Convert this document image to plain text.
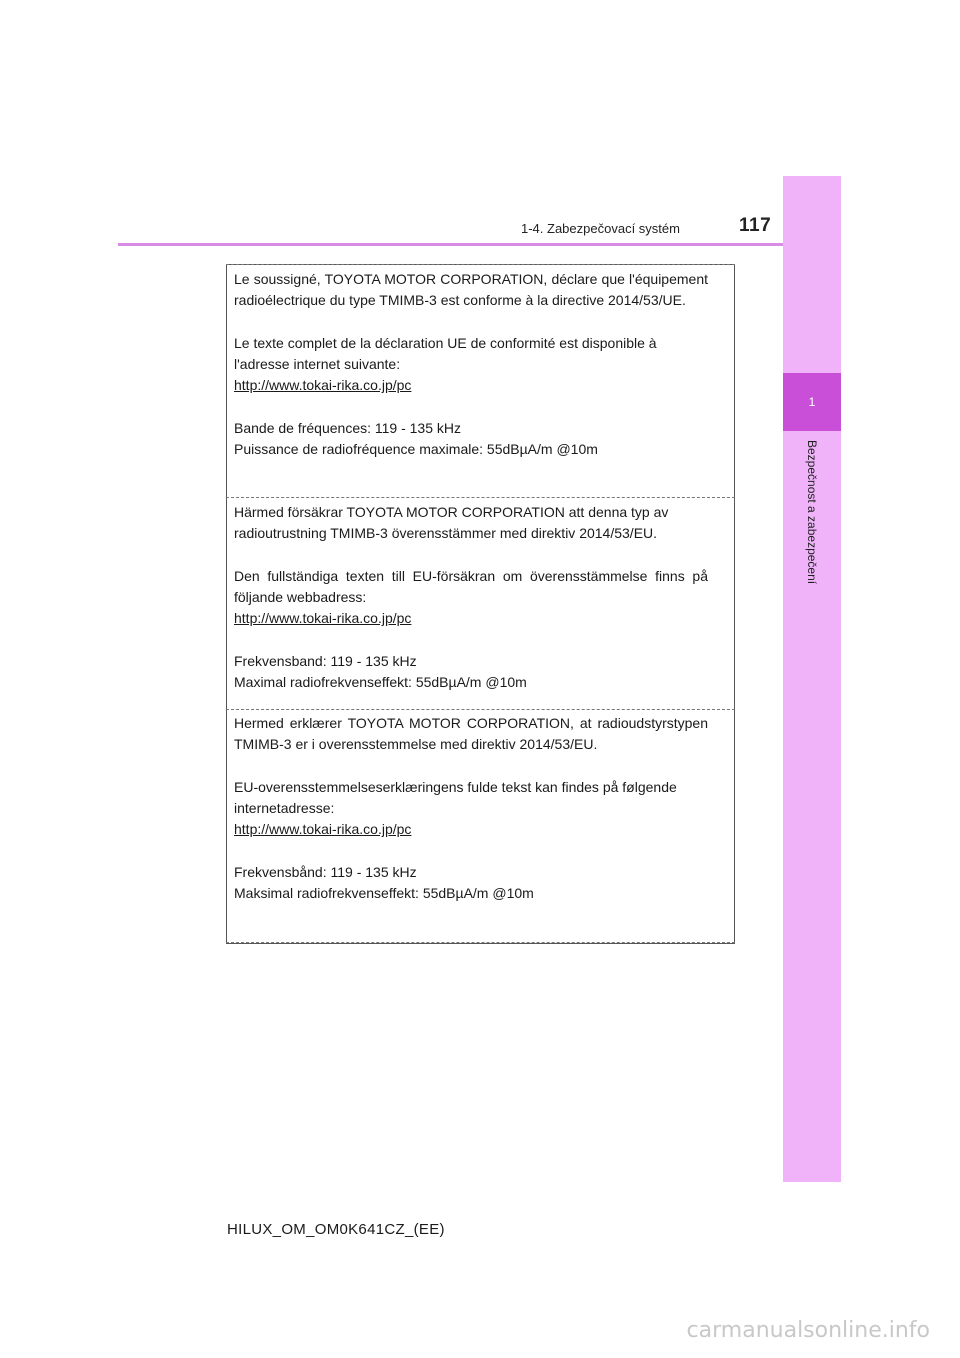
1-4. Zabezpečovací systém	117
1
Bezpečnost a zabezpečení

Le soussigné, TOYOTA MOTOR CORPORATION, déclare que l'équipement radioélectrique du type TMIMB-3 est conforme à la directive 2014/53/UE.

Le texte complet de la déclaration UE de conformité est disponible à l'adresse internet suivante:

http://www.tokai-rika.co.jp/pc

Bande de fréquences: 119 - 135 kHz

Puissance de radiofréquence maximale: 55dBµA/m @10m

Härmed försäkrar TOYOTA MOTOR CORPORATION att denna typ av radioutrustning TMIMB-3 överensstämmer med direktiv 2014/53/EU.

Den fullständiga texten till EU-försäkran om överensstämmelse finns på följande webbadress:

http://www.tokai-rika.co.jp/pc

Frekvensband: 119 - 135 kHz

Maximal radiofrekvenseffekt: 55dBµA/m @10m

Hermed erklærer TOYOTA MOTOR CORPORATION, at radioudstyrstypen TMIMB-3 er i overensstemmelse med direktiv 2014/53/EU.

EU-overensstemmelseserklæringens fulde tekst kan findes på følgende internetadresse:

http://www.tokai-rika.co.jp/pc

Frekvensbånd: 119 - 135 kHz

Maksimal radiofrekvenseffekt: 55dBµA/m @10m

HILUX_OM_OM0K641CZ_(EE)
carmanualsonline.info
